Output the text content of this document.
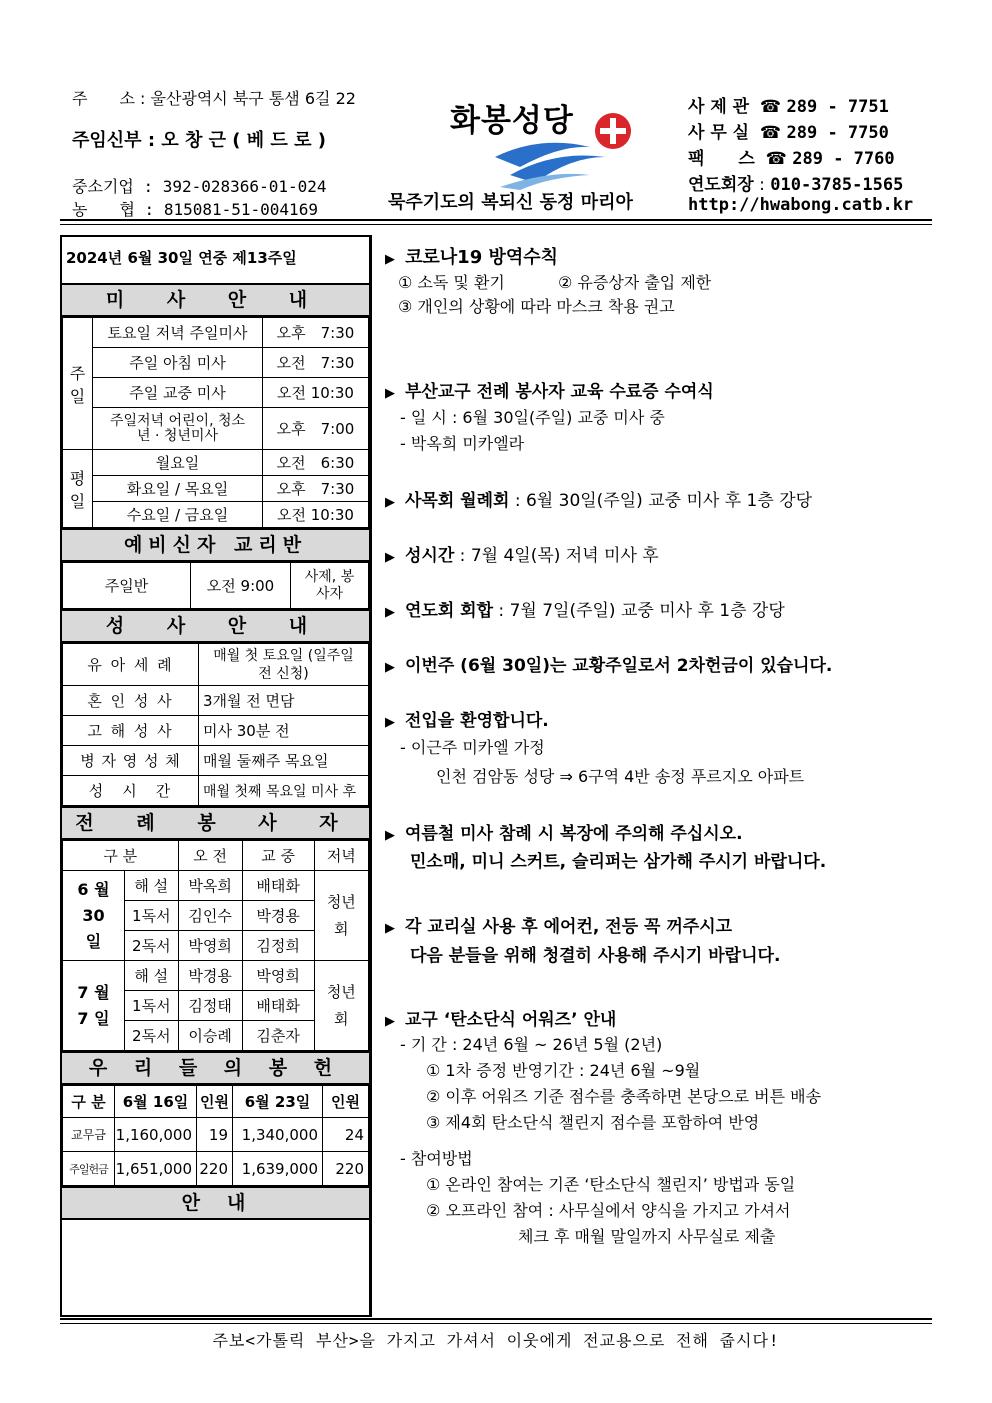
주　　소 : 울산광역시 북구 통샘 6길 22
주임신부 : 오 창 근 ( 베 드 로 )
중소기업 : 392-028366-01-024
농　　협 : 815081-51-004169
화봉성당
묵주기도의 복되신 동정 마리아
사 제 관 ☎ 289 - 7751
사 무 실 ☎ 289 - 7750
팩　　스 ☎ 289 - 7760
연도회장 : 010-3785-1565
http://hwabong.catb.kr
2024년 6월 30일 연중 제13주일
미 사 안 내
주일	토요일 저녁 주일미사	오후　7:30
	주일 아침 미사	오전　7:30
	주일 교중 미사	오전 10:30
	주일저녁 어린이, 청소년 · 청년미사	오후　7:00
평일	월요일	오전　6:30
	화요일 / 목요일	오후　7:30
	수요일 / 금요일	오전 10:30
예비신자 교리반
주일반	오전 9:00	사제, 봉사자
성 사 안 내
유 아 세 례	매월 첫 토요일 (일주일 전 신청)
혼 인 성 사	3개월 전 면담
고 해 성 사	미사 30분 전
병 자 영 성 체	매월 둘째주 목요일
성　시　간	매월 첫째 목요일 미사 후
전 례 봉 사 자
구 분		오 전	교 중	저녁
6 월 30 일	해 설	박옥희	배태화	청년회
	1독서	김인수	박경용	
	2독서	박영희	김정희	
7 월 7 일	해 설	박경용	박영희	청년회
	1독서	김정태	배태화	
	2독서	이승례	김춘자	
우 리 들 의 봉 헌
구 분	6월 16일	인원	6월 23일	인원
교무금	1,160,000	19	1,340,000	24
주일헌금	1,651,000	220	1,639,000	220
안　내
▶ 코로나19 방역수칙
① 소독 및 환기	② 유증상자 출입 제한
③ 개인의 상황에 따라 마스크 착용 권고
▶ 부산교구 전례 봉사자 교육 수료증 수여식
- 일 시 : 6월 30일(주일) 교중 미사 중
- 박옥희 미카엘라
▶ 사목회 월례회 : 6월 30일(주일) 교중 미사 후 1층 강당
▶ 성시간 : 7월 4일(목) 저녁 미사 후
▶ 연도회 회합 : 7월 7일(주일) 교중 미사 후 1층 강당
▶ 이번주 (6월 30일)는 교황주일로서 2차헌금이 있습니다.
▶ 전입을 환영합니다.
- 이근주 미카엘 가정
인천 검암동 성당 ⇒ 6구역 4반 송정 푸르지오 아파트
▶ 여름철 미사 참례 시 복장에 주의해 주십시오.
민소매, 미니 스커트, 슬리퍼는 삼가해 주시기 바랍니다.
▶ 각 교리실 사용 후 에어컨, 전등 꼭 꺼주시고
다음 분들을 위해 청결히 사용해 주시기 바랍니다.
▶ 교구 ‘탄소단식 어워즈’ 안내
- 기 간 : 24년 6월 ~ 26년 5월 (2년)
① 1차 증정 반영기간 : 24년 6월 ~9월
② 이후 어워즈 기준 점수를 충족하면 본당으로 버튼 배송
③ 제4회 탄소단식 챌린지 점수를 포함하여 반영
- 참여방법
① 온라인 참여는 기존 ‘탄소단식 챌린지’ 방법과 동일
② 오프라인 참여 : 사무실에서 양식을 가지고 가셔서
체크 후 매월 말일까지 사무실로 제출
주보<가톨릭 부산>을 가지고 가셔서 이웃에게 전교용으로 전해 줍시다!
